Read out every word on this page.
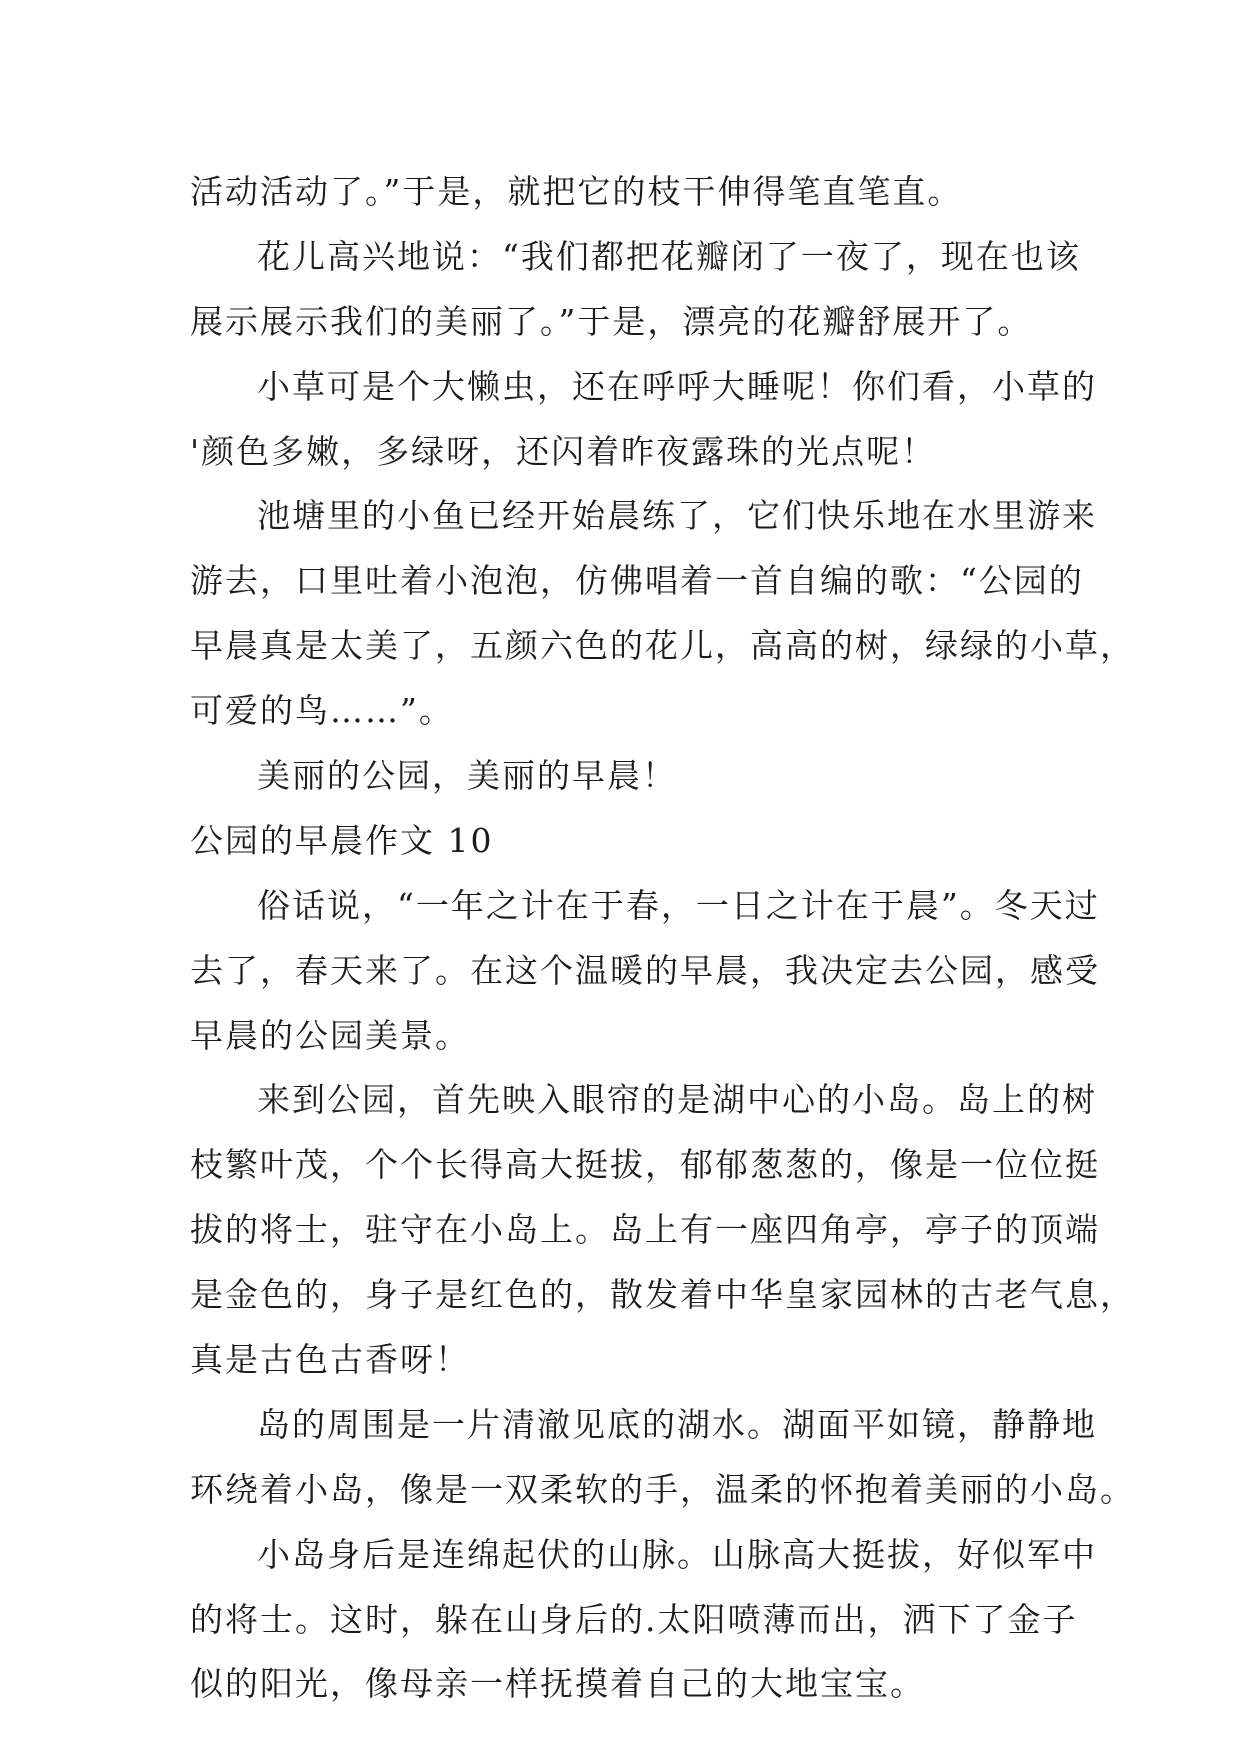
活动活动了。”于是，就把它的枝干伸得笔直笔直。
花儿高兴地说：“我们都把花瓣闭了一夜了，现在也该
展示展示我们的美丽了。”于是，漂亮的花瓣舒展开了。
小草可是个大懒虫，还在呼呼大睡呢！你们看，小草的
'颜色多嫩，多绿呀，还闪着昨夜露珠的光点呢！
池塘里的小鱼已经开始晨练了，它们快乐地在水里游来
游去，口里吐着小泡泡，仿佛唱着一首自编的歌：“公园的
早晨真是太美了，五颜六色的花儿，高高的树，绿绿的小草，
可爱的鸟……”。
美丽的公园，美丽的早晨！
公园的早晨作文 10
俗话说，“一年之计在于春，一日之计在于晨”。冬天过
去了，春天来了。在这个温暖的早晨，我决定去公园，感受
早晨的公园美景。
来到公园，首先映入眼帘的是湖中心的小岛。岛上的树
枝繁叶茂，个个长得高大挺拔，郁郁葱葱的，像是一位位挺
拔的将士，驻守在小岛上。岛上有一座四角亭，亭子的顶端
是金色的，身子是红色的，散发着中华皇家园林的古老气息，
真是古色古香呀！
岛的周围是一片清澈见底的湖水。湖面平如镜，静静地
环绕着小岛，像是一双柔软的手，温柔的怀抱着美丽的小岛。
小岛身后是连绵起伏的山脉。山脉高大挺拔，好似军中
的将士。这时，躲在山身后的.太阳喷薄而出，洒下了金子
似的阳光，像母亲一样抚摸着自己的大地宝宝。
